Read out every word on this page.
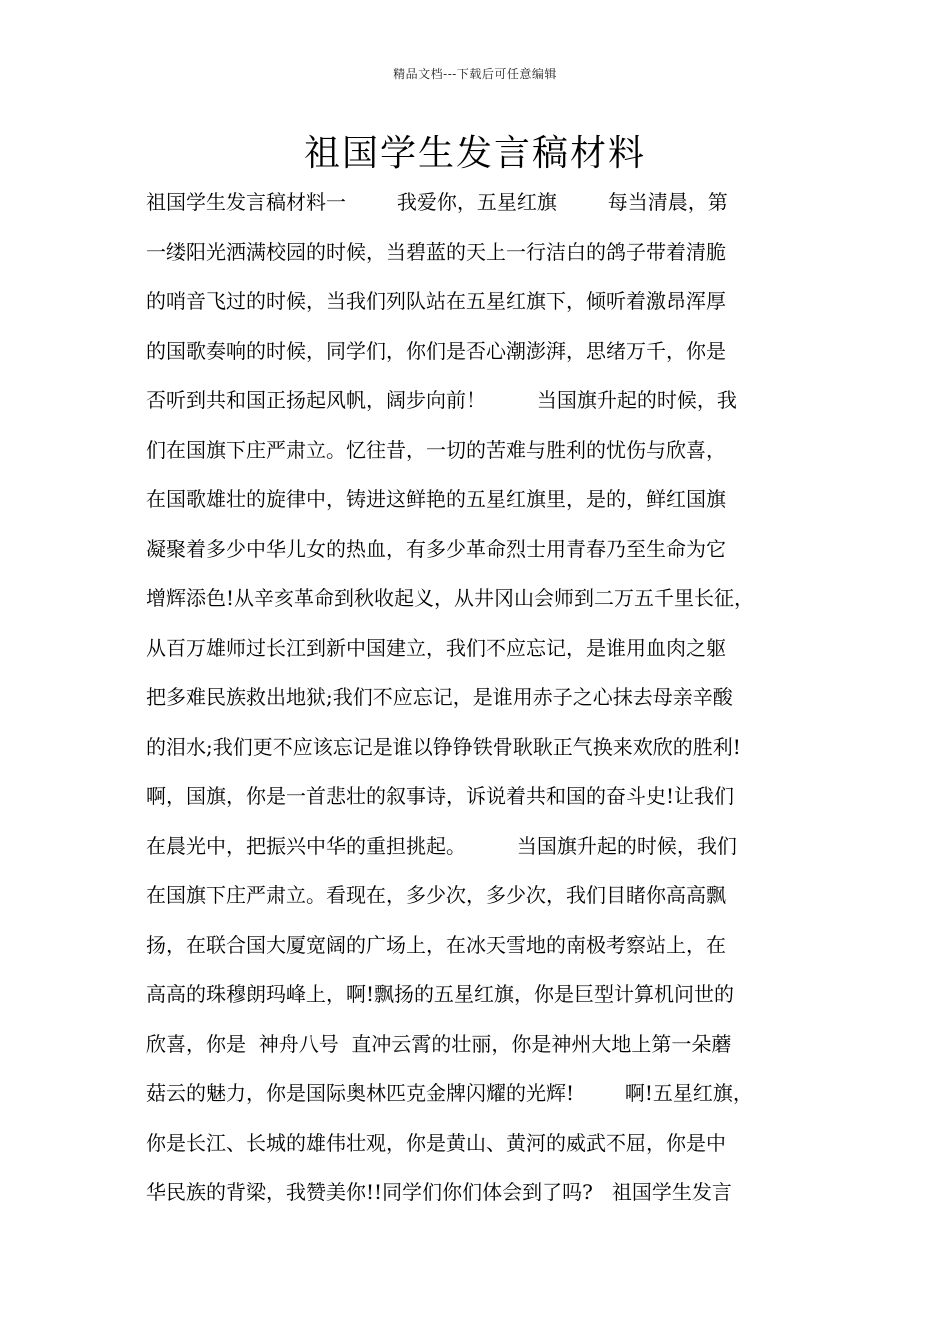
精品文档---下载后可任意编辑
祖国学生发言稿材料
祖国学生发言稿材料一        我爱你，五星红旗        每当清晨，第
一缕阳光洒满校园的时候，当碧蓝的天上一行洁白的鸽子带着清脆
的哨音飞过的时候，当我们列队站在五星红旗下，倾听着激昂浑厚
的国歌奏响的时候，同学们，你们是否心潮澎湃，思绪万千，你是
否听到共和国正扬起风帆，阔步向前！        当国旗升起的时候，我
们在国旗下庄严肃立。忆往昔，一切的苦难与胜利的忧伤与欣喜，
在国歌雄壮的旋律中，铸进这鲜艳的五星红旗里，是的，鲜红国旗
凝聚着多少中华儿女的热血，有多少革命烈士用青春乃至生命为它
增辉添色!从辛亥革命到秋收起义，从井冈山会师到二万五千里长征，
从百万雄师过长江到新中国建立，我们不应忘记，是谁用血肉之躯
把多难民族救出地狱;我们不应忘记，是谁用赤子之心抹去母亲辛酸
的泪水;我们更不应该忘记是谁以铮铮铁骨耿耿正气换来欢欣的胜利!
啊，国旗，你是一首悲壮的叙事诗，诉说着共和国的奋斗史!让我们
在晨光中，把振兴中华的重担挑起。        当国旗升起的时候，我们
在国旗下庄严肃立。看现在，多少次，多少次，我们目睹你高高飘
扬，在联合国大厦宽阔的广场上，在冰天雪地的南极考察站上，在
高高的珠穆朗玛峰上，啊!飘扬的五星红旗，你是巨型计算机问世的
欣喜，你是  神舟八号  直冲云霄的壮丽，你是神州大地上第一朵蘑
菇云的魅力，你是国际奥林匹克金牌闪耀的光辉!        啊!五星红旗，
你是长江、长城的雄伟壮观，你是黄山、黄河的威武不屈，你是中
华民族的背梁，我赞美你!!同学们你们体会到了吗?   祖国学生发言
